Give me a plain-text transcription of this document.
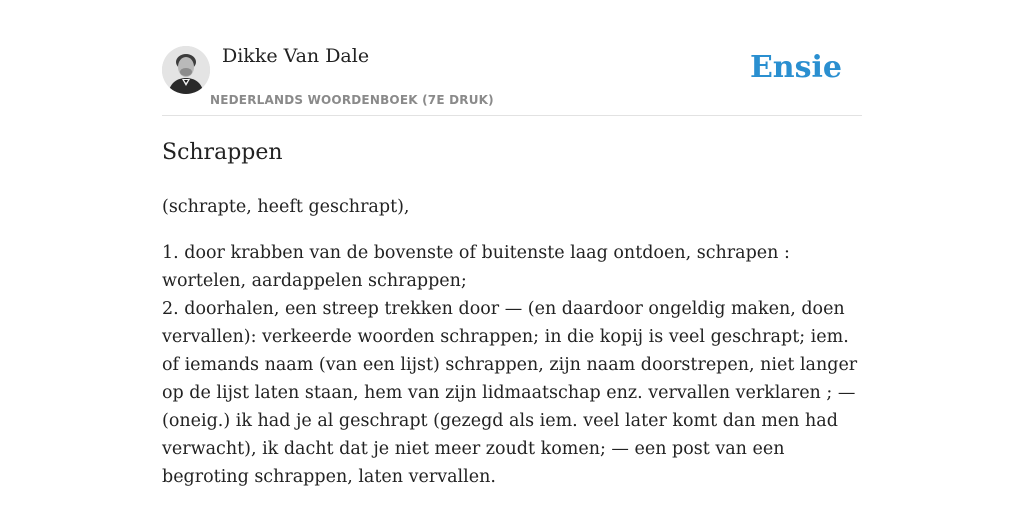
Dikke Van Dale
NEDERLANDS WOORDENBOEK (7E DRUK)
Ensie
Schrappen

(schrapte, heeft geschrapt),

1. door krabben van de bovenste of buitenste laag ontdoen, schrapen : wortelen, aardappelen schrappen;
2. doorhalen, een streep trekken door — (en daardoor ongeldig maken, doen vervallen): verkeerde woorden schrappen; in die kopij is veel geschrapt; iem. of iemands naam (van een lijst) schrappen, zijn naam doorstrepen, niet langer op de lijst laten staan, hem van zijn lidmaatschap enz. vervallen verklaren ; — (oneig.) ik had je al geschrapt (gezegd als iem. veel later komt dan men had verwacht), ik dacht dat je niet meer zoudt komen; — een post van een begroting schrappen, laten vervallen.
